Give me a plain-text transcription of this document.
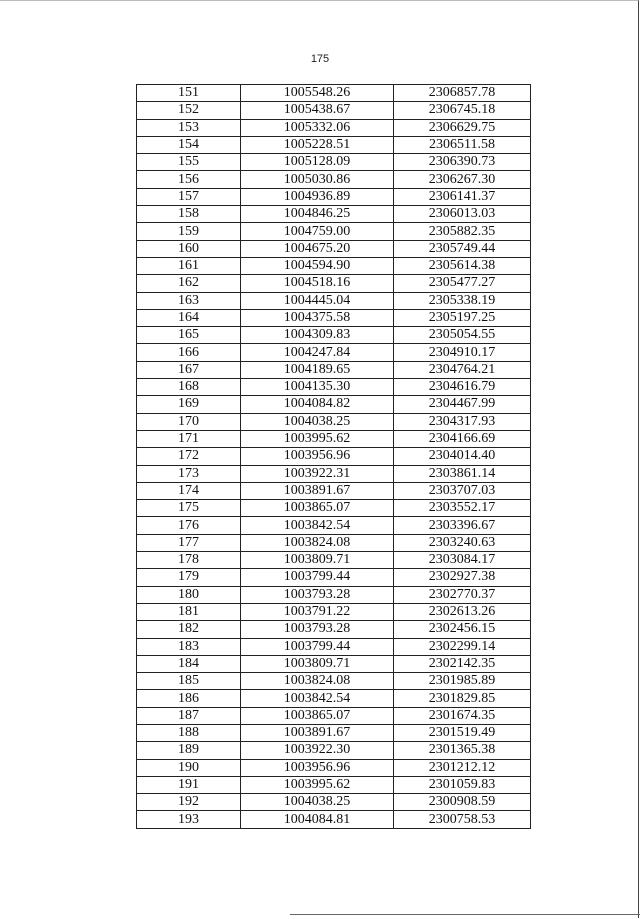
175
151	1005548.26	2306857.78
152	1005438.67	2306745.18
153	1005332.06	2306629.75
154	1005228.51	2306511.58
155	1005128.09	2306390.73
156	1005030.86	2306267.30
157	1004936.89	2306141.37
158	1004846.25	2306013.03
159	1004759.00	2305882.35
160	1004675.20	2305749.44
161	1004594.90	2305614.38
162	1004518.16	2305477.27
163	1004445.04	2305338.19
164	1004375.58	2305197.25
165	1004309.83	2305054.55
166	1004247.84	2304910.17
167	1004189.65	2304764.21
168	1004135.30	2304616.79
169	1004084.82	2304467.99
170	1004038.25	2304317.93
171	1003995.62	2304166.69
172	1003956.96	2304014.40
173	1003922.31	2303861.14
174	1003891.67	2303707.03
175	1003865.07	2303552.17
176	1003842.54	2303396.67
177	1003824.08	2303240.63
178	1003809.71	2303084.17
179	1003799.44	2302927.38
180	1003793.28	2302770.37
181	1003791.22	2302613.26
182	1003793.28	2302456.15
183	1003799.44	2302299.14
184	1003809.71	2302142.35
185	1003824.08	2301985.89
186	1003842.54	2301829.85
187	1003865.07	2301674.35
188	1003891.67	2301519.49
189	1003922.30	2301365.38
190	1003956.96	2301212.12
191	1003995.62	2301059.83
192	1004038.25	2300908.59
193	1004084.81	2300758.53
